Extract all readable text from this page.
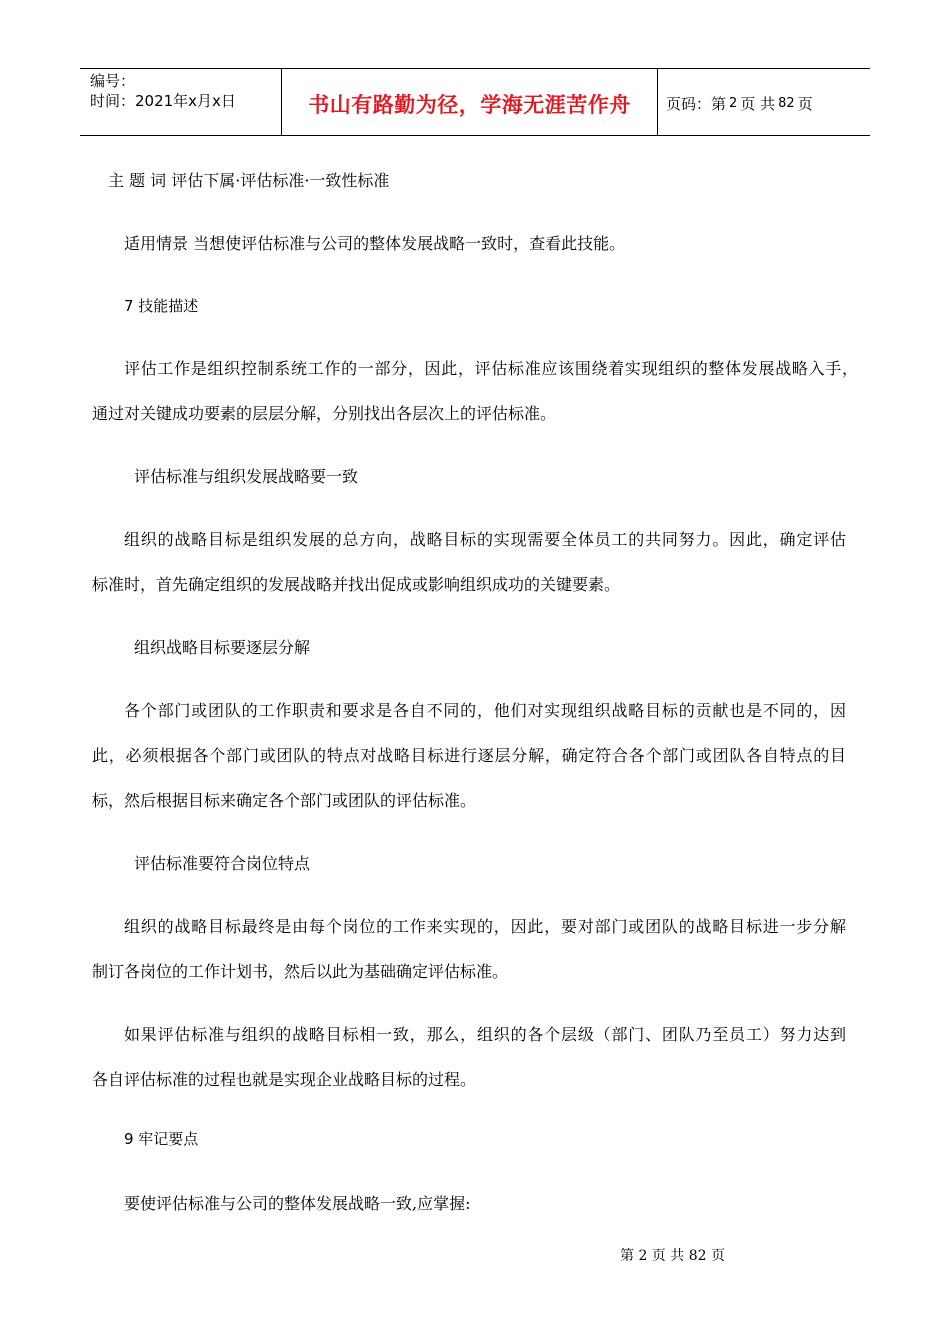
编号：
时间：2021年x月x日	书山有路勤为径，学海无涯苦作舟	页码：第 2 页 共 82 页
主 题 词 评估下属·评估标准·一致性标准
适用情景 当想使评估标准与公司的整体发展战略一致时，查看此技能。
7 技能描述
评估工作是组织控制系统工作的一部分，因此，评估标准应该围绕着实现组织的整体发展战略入手，
通过对关键成功要素的层层分解，分别找出各层次上的评估标准。
评估标准与组织发展战略要一致
组织的战略目标是组织发展的总方向，战略目标的实现需要全体员工的共同努力。因此，确定评估
标准时，首先确定组织的发展战略并找出促成或影响组织成功的关键要素。
组织战略目标要逐层分解
各个部门或团队的工作职责和要求是各自不同的，他们对实现组织战略目标的贡献也是不同的，因
此，必须根据各个部门或团队的特点对战略目标进行逐层分解，确定符合各个部门或团队各自特点的目
标，然后根据目标来确定各个部门或团队的评估标准。
评估标准要符合岗位特点
组织的战略目标最终是由每个岗位的工作来实现的，因此，要对部门或团队的战略目标进一步分解
制订各岗位的工作计划书，然后以此为基础确定评估标准。
如果评估标准与组织的战略目标相一致，那么，组织的各个层级（部门、团队乃至员工）努力达到
各自评估标准的过程也就是实现企业战略目标的过程。
9 牢记要点
要使评估标准与公司的整体发展战略一致,应掌握:
第 2 页 共 82 页
